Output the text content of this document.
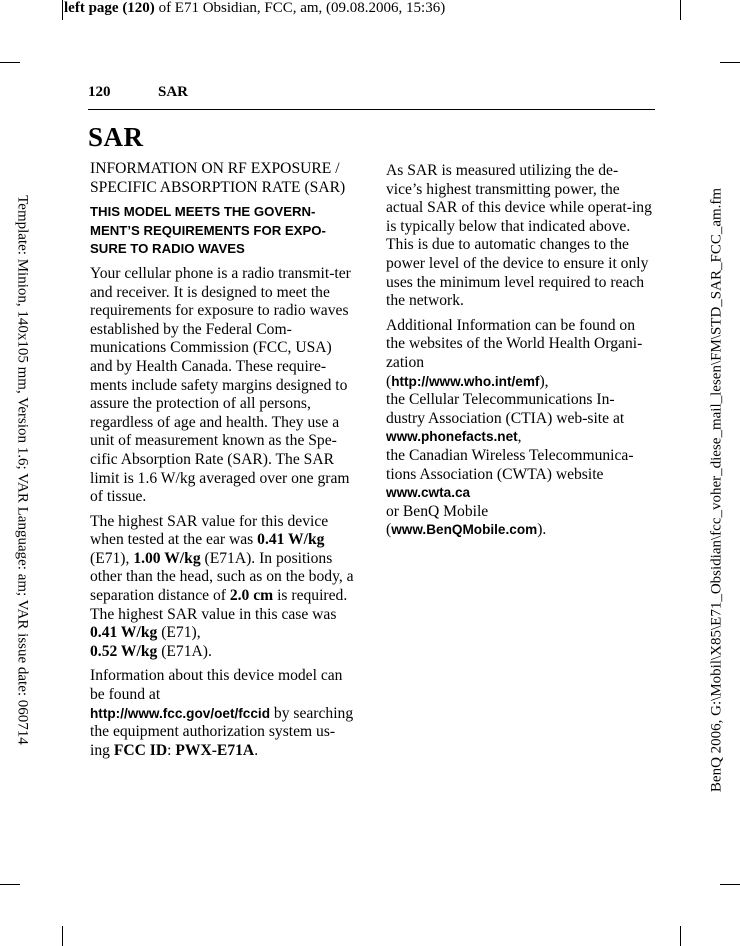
left page (120) of E71 Obsidian, FCC, am, (09.08.2006, 15:36)
Template: Minion, 140x105 mm, Version 1.6; VAR Language: am; VAR issue date: 060714	BenQ 2006, G:\Mobil\X85\E71_Obsidian\fcc_voher_diese_mail_lesen\FM\STD_SAR_FCC_am.fm
120	SAR
SAR

INFORMATION ON RF EXPOSURE / SPECIFIC ABSORPTION RATE (SAR)

THIS MODEL MEETS THE GOVERN-MENT’S REQUIREMENTS FOR EXPO-SURE TO RADIO WAVES

Your cellular phone is a radio transmit-ter and receiver. It is designed to meet the requirements for exposure to radio waves established by the Federal Com-munications Commission (FCC, USA) and by Health Canada. These require-ments include safety margins designed to assure the protection of all persons, regardless of age and health. They use a unit of measurement known as the Spe-cific Absorption Rate (SAR). The SAR limit is 1.6 W/kg averaged over one gram of tissue.

The highest SAR value for this device when tested at the ear was 0.41 W/kg (E71), 1.00 W/kg (E71A). In positions other than the head, such as on the body, a separation distance of 2.0 cm is required. The highest SAR value in this case was 0.41 W/kg (E71),
0.52 W/kg (E71A).

Information about this device model can be found at
http://www.fcc.gov/oet/fccid by searching the equipment authorization system us-ing FCC ID: PWX-E71A.

As SAR is measured utilizing the de-vice’s highest transmitting power, the actual SAR of this device while operat-ing is typically below that indicated above. This is due to automatic changes to the power level of the device to ensure it only uses the minimum level required to reach the network.

Additional Information can be found on the websites of the World Health Organi-zation
(http://www.who.int/emf),
the Cellular Telecommunications In-dustry Association (CTIA) web-site at www.phonefacts.net,
the Canadian Wireless Telecommunica-tions Association (CWTA) website
www.cwta.ca
or BenQ Mobile
(www.BenQMobile.com).
